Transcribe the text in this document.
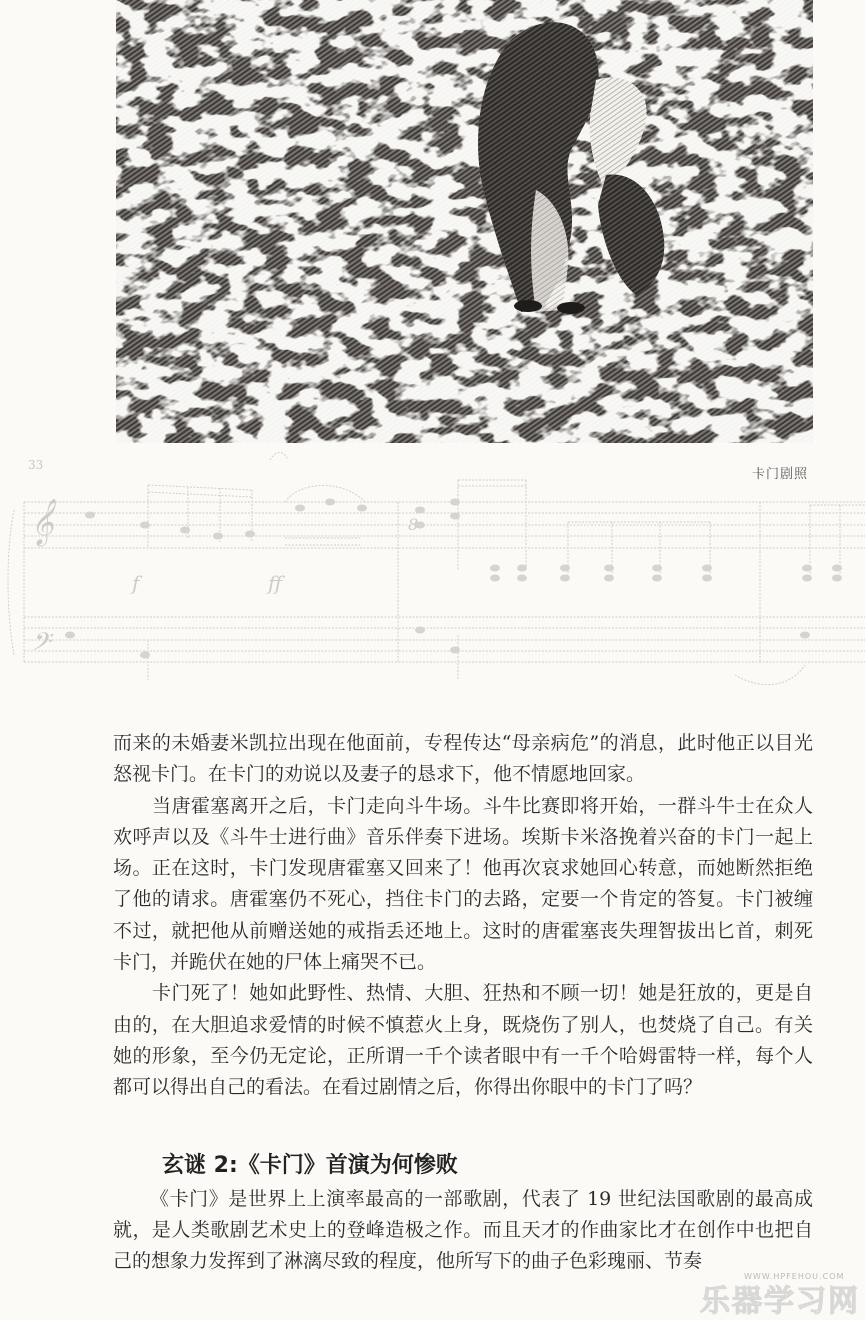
卡门剧照
33
𝄞
𝄢
f	ff
8

而来的未婚妻米凯拉出现在他面前，专程传达“母亲病危”的消息，此时他正以目光怒视卡门。在卡门的劝说以及妻子的恳求下，他不情愿地回家。

当唐霍塞离开之后，卡门走向斗牛场。斗牛比赛即将开始，一群斗牛士在众人欢呼声以及《斗牛士进行曲》音乐伴奏下进场。埃斯卡米洛挽着兴奋的卡门一起上场。正在这时，卡门发现唐霍塞又回来了！他再次哀求她回心转意，而她断然拒绝了他的请求。唐霍塞仍不死心，挡住卡门的去路，定要一个肯定的答复。卡门被缠不过，就把他从前赠送她的戒指丢还地上。这时的唐霍塞丧失理智拔出匕首，刺死卡门，并跪伏在她的尸体上痛哭不已。

卡门死了！她如此野性、热情、大胆、狂热和不顾一切！她是狂放的，更是自由的，在大胆追求爱情的时候不慎惹火上身，既烧伤了别人，也焚烧了自己。有关她的形象，至今仍无定论，正所谓一千个读者眼中有一千个哈姆雷特一样，每个人都可以得出自己的看法。在看过剧情之后，你得出你眼中的卡门了吗？

玄谜 2:《卡门》首演为何惨败

《卡门》是世界上上演率最高的一部歌剧，代表了 19 世纪法国歌剧的最高成就，是人类歌剧艺术史上的登峰造极之作。而且天才的作曲家比才在创作中也把自己的想象力发挥到了淋漓尽致的程度，他所写下的曲子色彩瑰丽、节奏

WWW.HPFEHOU.COM
乐器学习网
